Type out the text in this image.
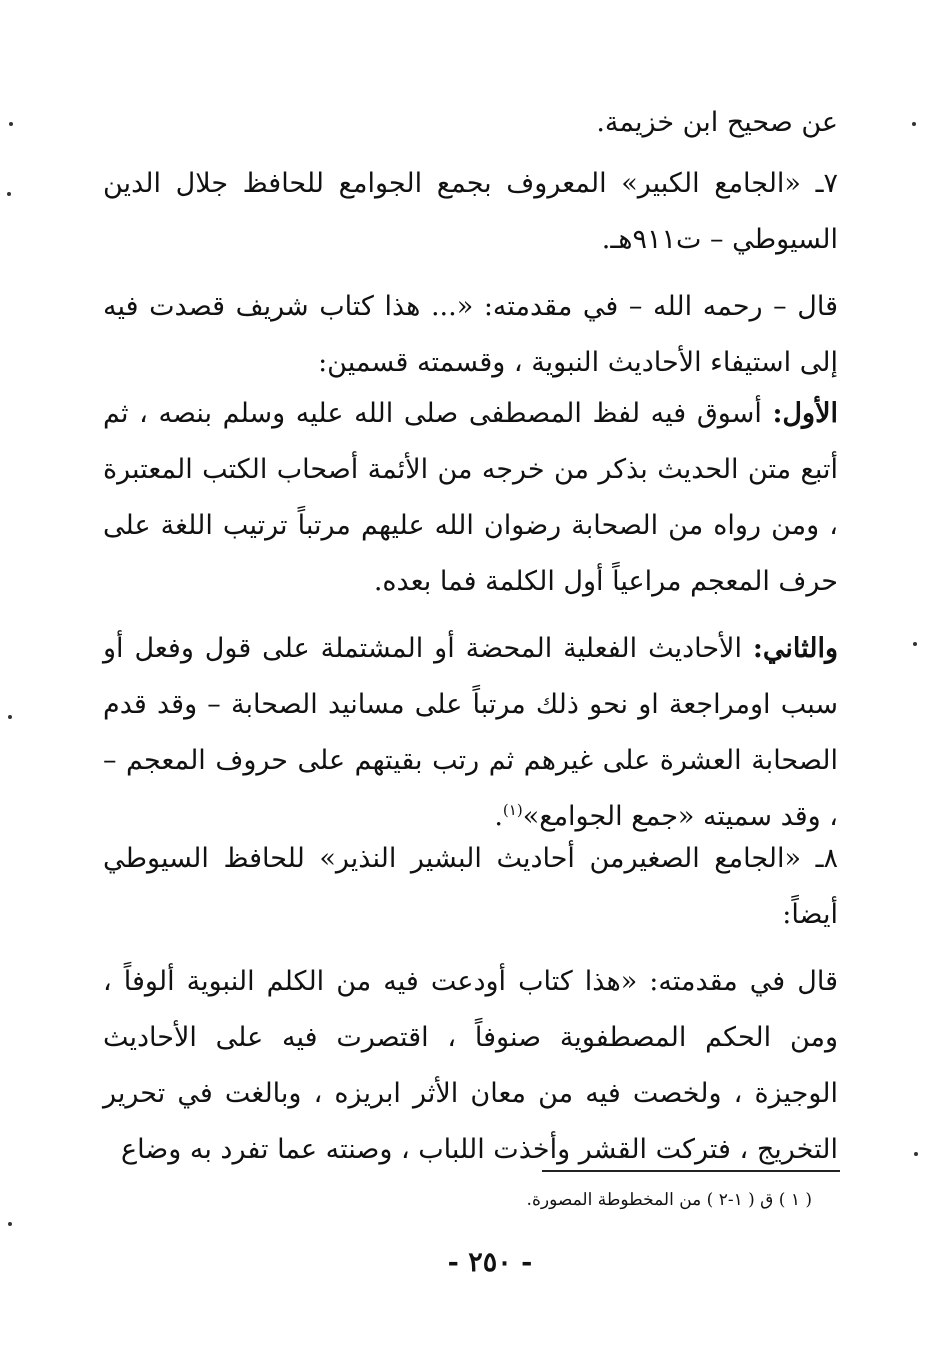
عن صحيح ابن خزيمة.

٧ـ «الجامع الكبير» المعروف بجمع الجوامع للحافظ جلال الدين السيوطي – ت٩١١هـ.

قال – رحمه الله – في مقدمته: «... هذا كتاب شريف قصدت فيه إلى استيفاء الأحاديث النبوية ، وقسمته قسمين:

الأول: أسوق فيه لفظ المصطفى صلى الله عليه وسلم بنصه ، ثم أتبع متن الحديث بذكر من خرجه من الأئمة أصحاب الكتب المعتبرة ، ومن رواه من الصحابة رضوان الله عليهم مرتباً ترتيب اللغة على حرف المعجم مراعياً أول الكلمة فما بعده.

والثاني: الأحاديث الفعلية المحضة أو المشتملة على قول وفعل أو سبب اومراجعة او نحو ذلك مرتباً على مسانيد الصحابة – وقد قدم الصحابة العشرة على غيرهم ثم رتب بقيتهم على حروف المعجم – ، وقد سميته «جمع الجوامع»$^{(١)}$.

٨ـ «الجامع الصغيرمن أحاديث البشير النذير» للحافظ السيوطي أيضاً:

قال في مقدمته: «هذا كتاب أودعت فيه من الكلم النبوية ألوفاً ، ومن الحكم المصطفوية صنوفاً ، اقتصرت فيه على الأحاديث الوجيزة ، ولخصت فيه من معان الأثر ابريزه ، وبالغت في تحرير التخريج ، فتركت القشر وأخذت اللباب ، وصنته عما تفرد به وضاع

( ١ ) ق ( ١-٢ ) من المخطوطة المصورة.
- ٢٥٠ -
